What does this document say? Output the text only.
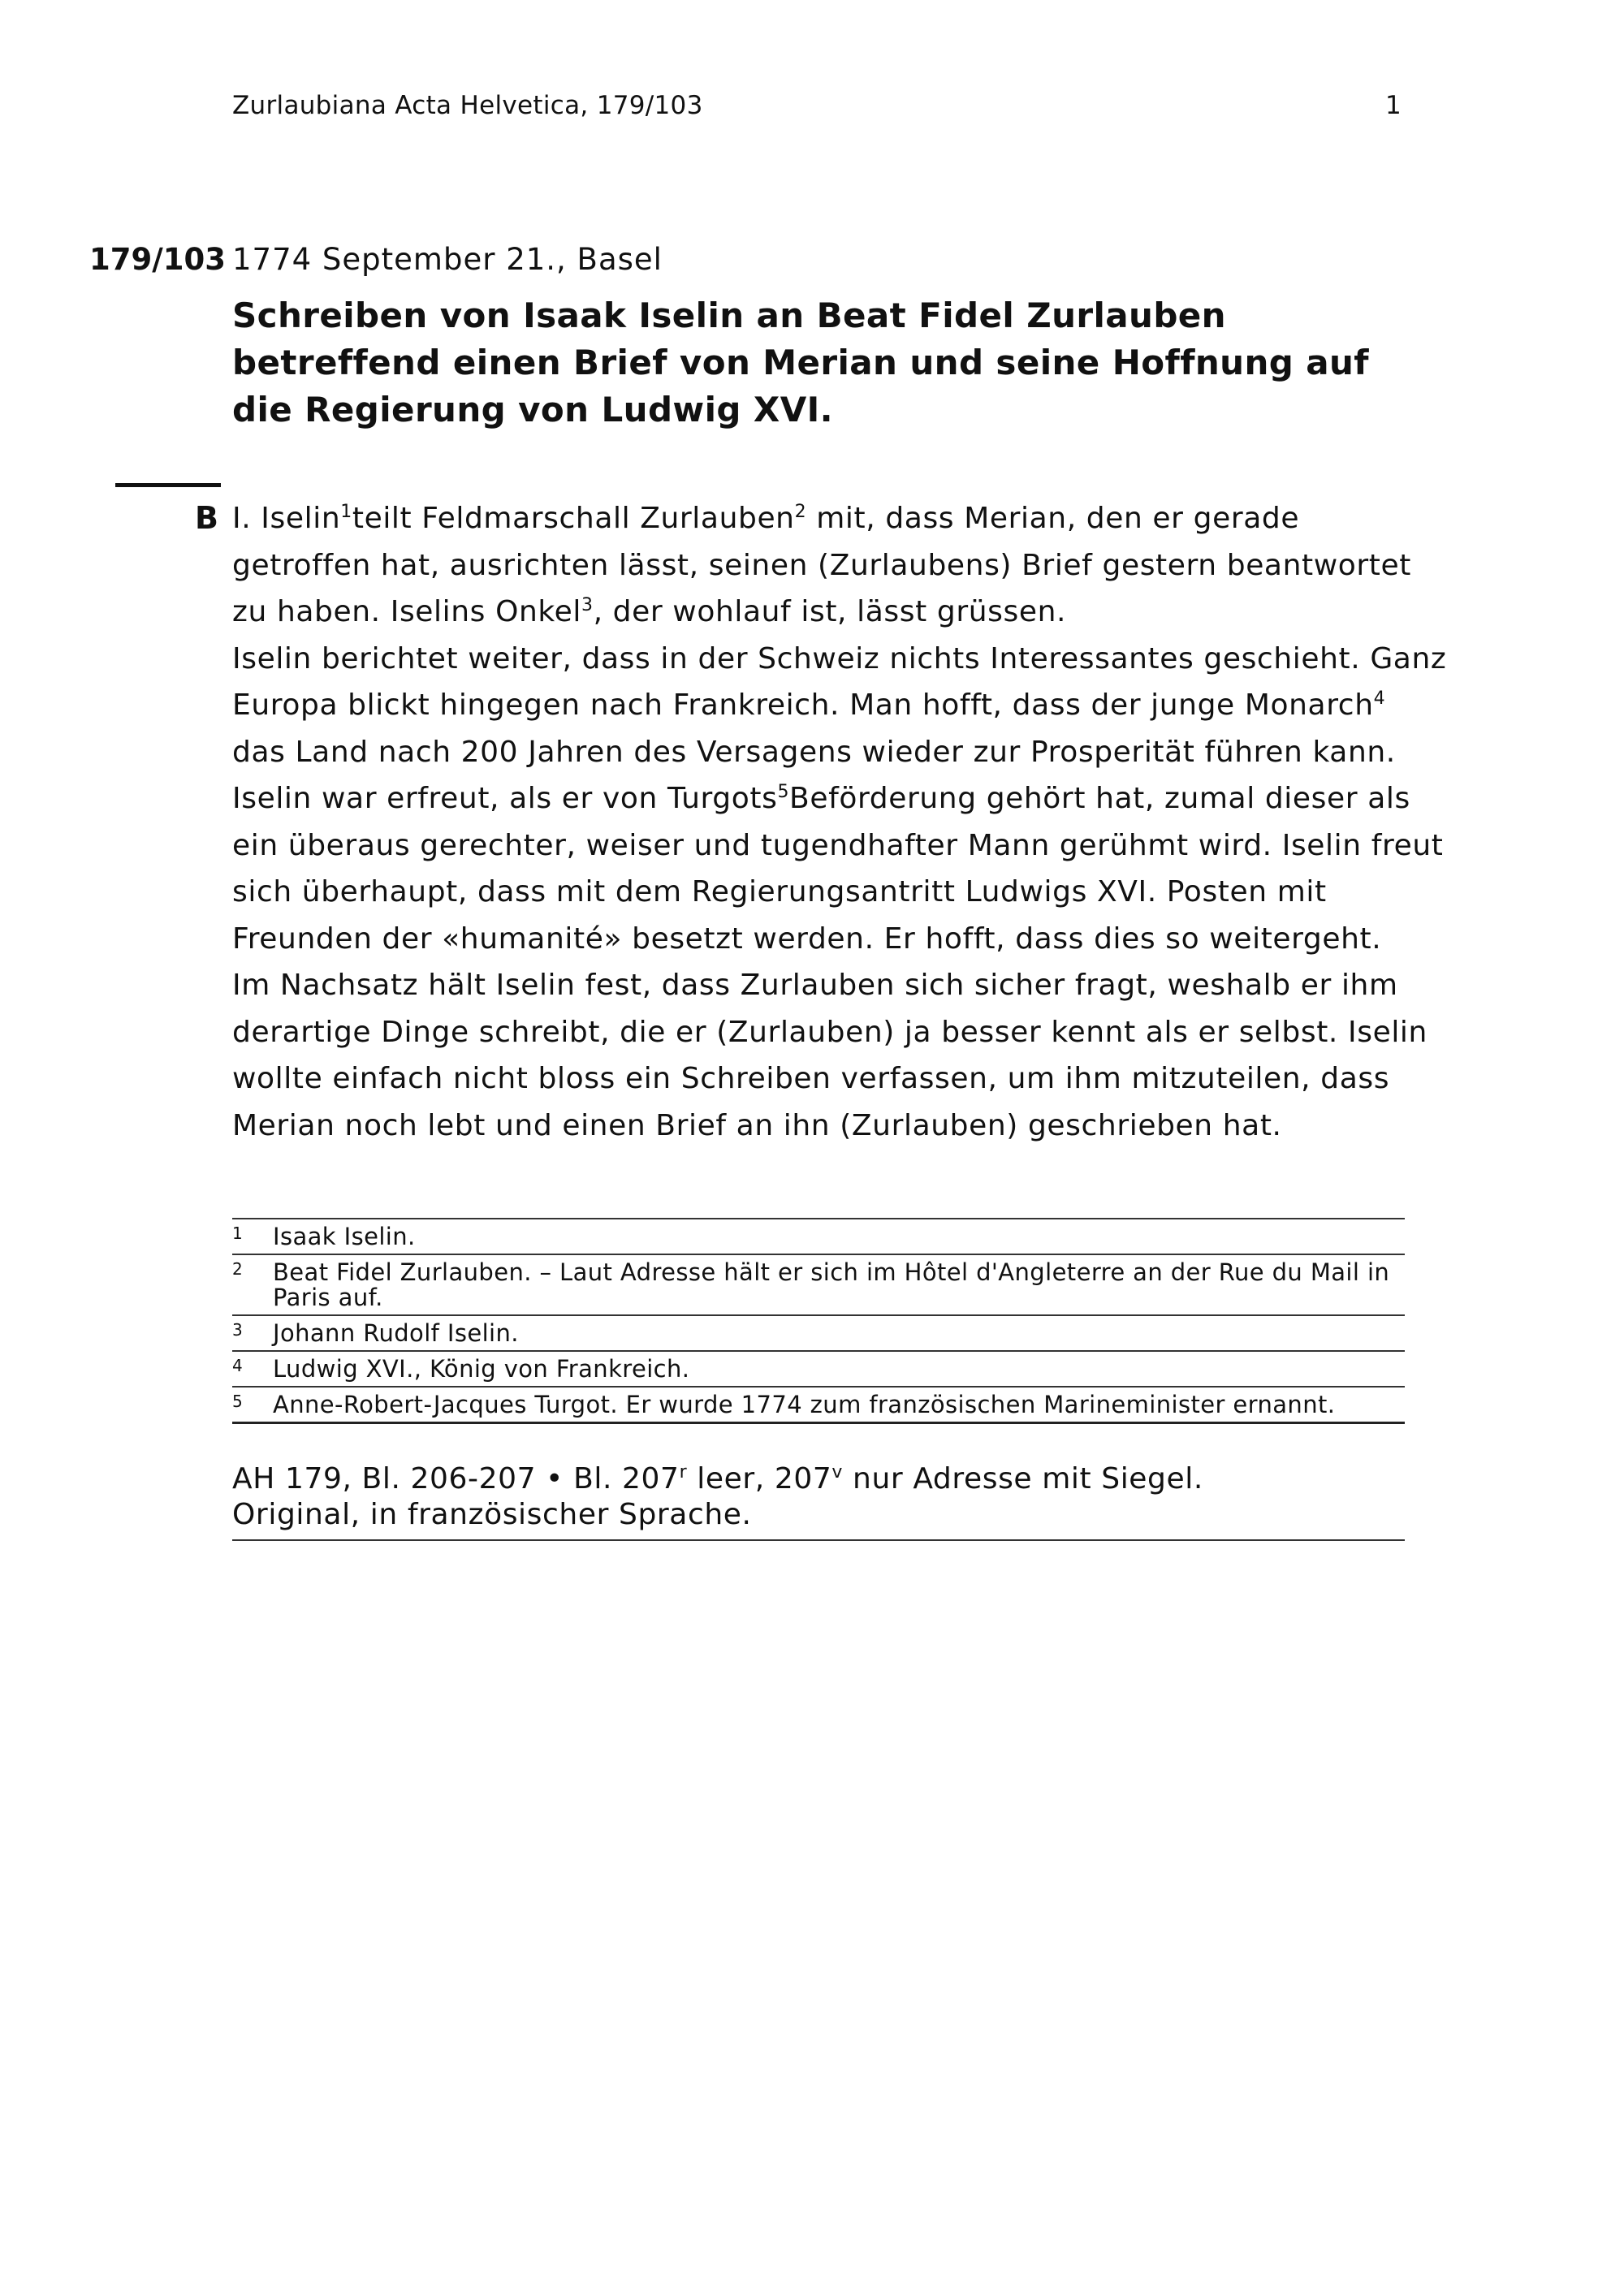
Zurlaubiana Acta Helvetica, 179/103	1
179/103 1774 September 21., Basel
Schreiben von Isaak Iselin an Beat Fidel Zurlauben betreffend einen Brief von Merian und seine Hoffnung auf die Regierung von Ludwig XVI.
B I. Iselin$^1$teilt Feldmarschall Zurlauben$^2$ mit, dass Merian, den er gerade

getroffen hat, ausrichten lässt, seinen (Zurlaubens) Brief gestern beantwortet

zu haben. Iselins Onkel$^3$, der wohlauf ist, lässt grüssen.

Iselin berichtet weiter, dass in der Schweiz nichts Interessantes geschieht. Ganz

Europa blickt hingegen nach Frankreich. Man hofft, dass der junge Monarch$^4$

das Land nach 200 Jahren des Versagens wieder zur Prosperität führen kann.

Iselin war erfreut, als er von Turgots$^5$Beförderung gehört hat, zumal dieser als

ein überaus gerechter, weiser und tugendhafter Mann gerühmt wird. Iselin freut

sich überhaupt, dass mit dem Regierungsantritt Ludwigs XVI. Posten mit

Freunden der «humanité» besetzt werden. Er hofft, dass dies so weitergeht.

Im Nachsatz hält Iselin fest, dass Zurlauben sich sicher fragt, weshalb er ihm

derartige Dinge schreibt, die er (Zurlauben) ja besser kennt als er selbst. Iselin

wollte einfach nicht bloss ein Schreiben verfassen, um ihm mitzuteilen, dass

Merian noch lebt und einen Brief an ihn (Zurlauben) geschrieben hat.

1 Isaak Iselin.
2 Beat Fidel Zurlauben. – Laut Adresse hält er sich im Hôtel d'Angleterre an der Rue du Mail in Paris auf.
3 Johann Rudolf Iselin.
4 Ludwig XVI., König von Frankreich.
5 Anne-Robert-Jacques Turgot. Er wurde 1774 zum französischen Marineminister ernannt.

AH 179, Bl. 206-207 • Bl. 207$^r$ leer, 207$^v$ nur Adresse mit Siegel.

Original, in französischer Sprache.
